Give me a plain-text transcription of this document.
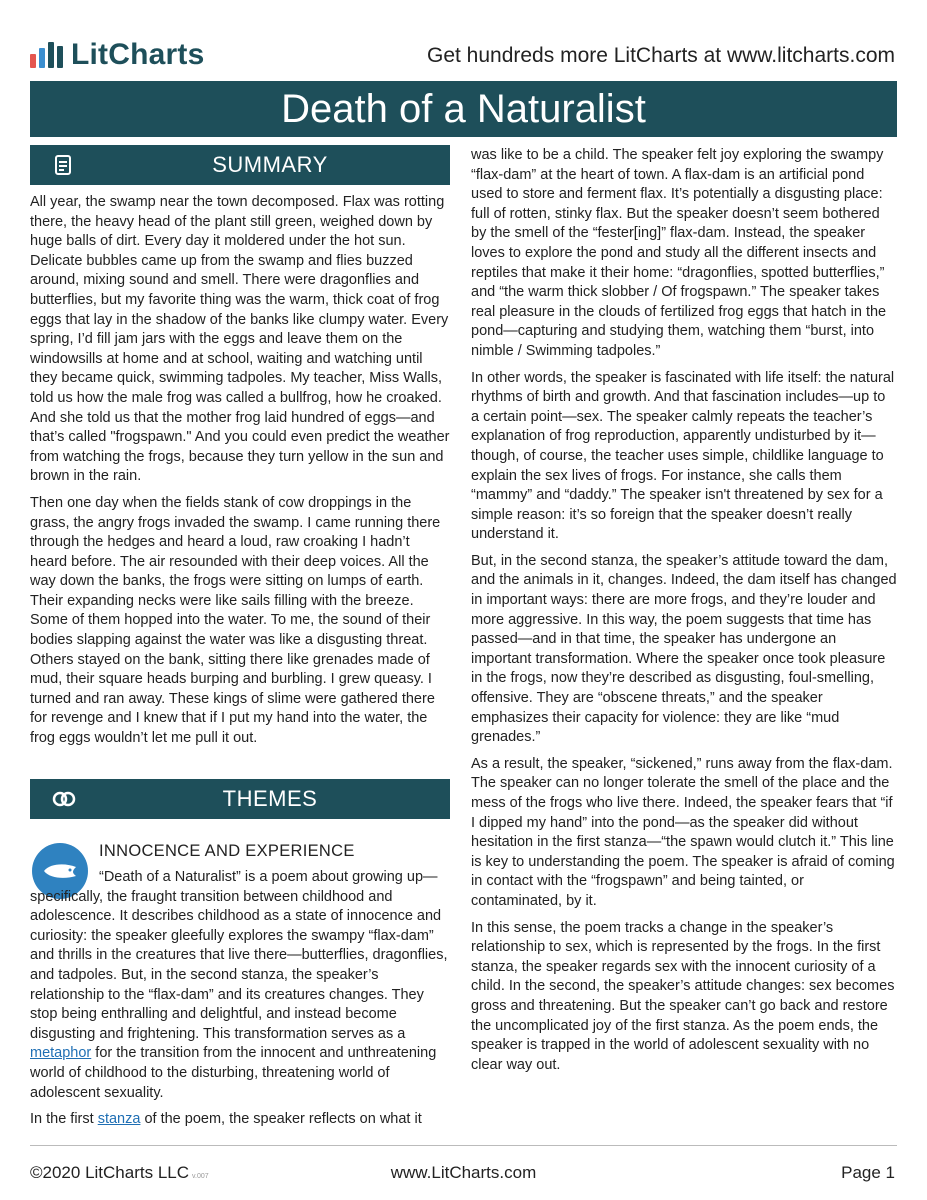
LitCharts	Get hundreds more LitCharts at www.litcharts.com
Death of a Naturalist
SUMMARY

All year, the swamp near the town decomposed. Flax was rotting there, the heavy head of the plant still green, weighed down by huge balls of dirt. Every day it moldered under the hot sun. Delicate bubbles came up from the swamp and flies buzzed around, mixing sound and smell. There were dragonflies and butterflies, but my favorite thing was the warm, thick coat of frog eggs that lay in the shadow of the banks like clumpy water. Every spring, I’d fill jam jars with the eggs and leave them on the windowsills at home and at school, waiting and watching until they became quick, swimming tadpoles. My teacher, Miss Walls, told us how the male frog was called a bullfrog, how he croaked. And she told us that the mother frog laid hundred of eggs—and that’s called "frogspawn." And you could even predict the weather from watching the frogs, because they turn yellow in the sun and brown in the rain.

Then one day when the fields stank of cow droppings in the grass, the angry frogs invaded the swamp. I came running there through the hedges and heard a loud, raw croaking I hadn’t heard before. The air resounded with their deep voices. All the way down the banks, the frogs were sitting on lumps of earth. Their expanding necks were like sails filling with the breeze. Some of them hopped into the water. To me, the sound of their bodies slapping against the water was like a disgusting threat. Others stayed on the bank, sitting there like grenades made of mud, their square heads burping and burbling. I grew queasy. I turned and ran away. These kings of slime were gathered there for revenge and I knew that if I put my hand into the water, the frog eggs wouldn’t let me pull it out.

THEMES
INNOCENCE AND EXPERIENCE

“Death of a Naturalist” is a poem about growing up—specifically, the fraught transition between childhood and adolescence. It describes childhood as a state of innocence and curiosity: the speaker gleefully explores the swampy “flax-dam” and thrills in the creatures that live there—butterflies, dragonflies, and tadpoles. But, in the second stanza, the speaker’s relationship to the “flax-dam” and its creatures changes. They stop being enthralling and delightful, and instead become disgusting and frightening. This transformation serves as a metaphor for the transition from the innocent and unthreatening world of childhood to the disturbing, threatening world of adolescent sexuality.

In the first stanza of the poem, the speaker reflects on what it

was like to be a child. The speaker felt joy exploring the swampy “flax-dam” at the heart of town. A flax-dam is an artificial pond used to store and ferment flax. It’s potentially a disgusting place: full of rotten, stinky flax. But the speaker doesn’t seem bothered by the smell of the “fester[ing]” flax-dam. Instead, the speaker loves to explore the pond and study all the different insects and reptiles that make it their home: “dragonflies, spotted butterflies,” and “the warm thick slobber / Of frogspawn.” The speaker takes real pleasure in the clouds of fertilized frog eggs that hatch in the pond—capturing and studying them, watching them “burst, into nimble / Swimming tadpoles.”

In other words, the speaker is fascinated with life itself: the natural rhythms of birth and growth. And that fascination includes—up to a certain point—sex. The speaker calmly repeats the teacher’s explanation of frog reproduction, apparently undisturbed by it—though, of course, the teacher uses simple, childlike language to explain the sex lives of frogs. For instance, she calls them “mammy” and “daddy.” The speaker isn't threatened by sex for a simple reason: it’s so foreign that the speaker doesn’t really understand it.

But, in the second stanza, the speaker’s attitude toward the dam, and the animals in it, changes. Indeed, the dam itself has changed in important ways: there are more frogs, and they’re louder and more aggressive. In this way, the poem suggests that time has passed—and in that time, the speaker has undergone an important transformation. Where the speaker once took pleasure in the frogs, now they’re described as disgusting, foul-smelling, offensive. They are “obscene threats,” and the speaker emphasizes their capacity for violence: they are like “mud grenades.”

As a result, the speaker, “sickened,” runs away from the flax-dam. The speaker can no longer tolerate the smell of the place and the mess of the frogs who live there. Indeed, the speaker fears that “if I dipped my hand” into the pond—as the speaker did without hesitation in the first stanza—“the spawn would clutch it.” This line is key to understanding the poem. The speaker is afraid of coming in contact with the “frogspawn” and being tainted, or contaminated, by it.

In this sense, the poem tracks a change in the speaker’s relationship to sex, which is represented by the frogs. In the first stanza, the speaker regards sex with the innocent curiosity of a child. In the second, the speaker’s attitude changes: sex becomes gross and threatening. But the speaker can’t go back and restore the uncomplicated joy of the first stanza. As the poem ends, the speaker is trapped in the world of adolescent sexuality with no clear way out.

©2020 LitCharts LLC v.007	www.LitCharts.com	Page 1
